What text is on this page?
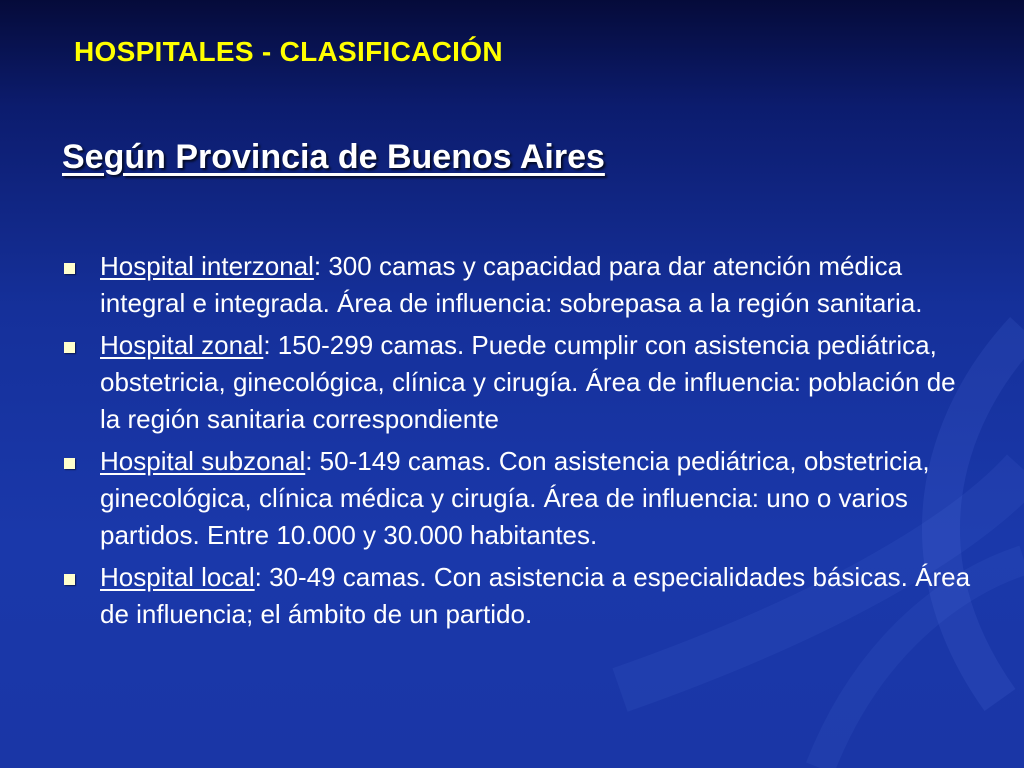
HOSPITALES - CLASIFICACIÓN
Según Provincia de Buenos Aires
Hospital interzonal: 300 camas y capacidad para dar atención médica integral e integrada. Área de influencia: sobrepasa a la región sanitaria.
Hospital zonal: 150-299 camas. Puede cumplir con asistencia pediátrica, obstetricia, ginecológica, clínica y cirugía. Área de influencia: población de la región sanitaria correspondiente
Hospital subzonal: 50-149 camas. Con asistencia pediátrica, obstetricia, ginecológica, clínica médica y cirugía. Área de influencia: uno o varios partidos. Entre 10.000 y 30.000 habitantes.
Hospital local: 30-49 camas. Con asistencia a especialidades básicas. Área de influencia; el ámbito de un partido.
